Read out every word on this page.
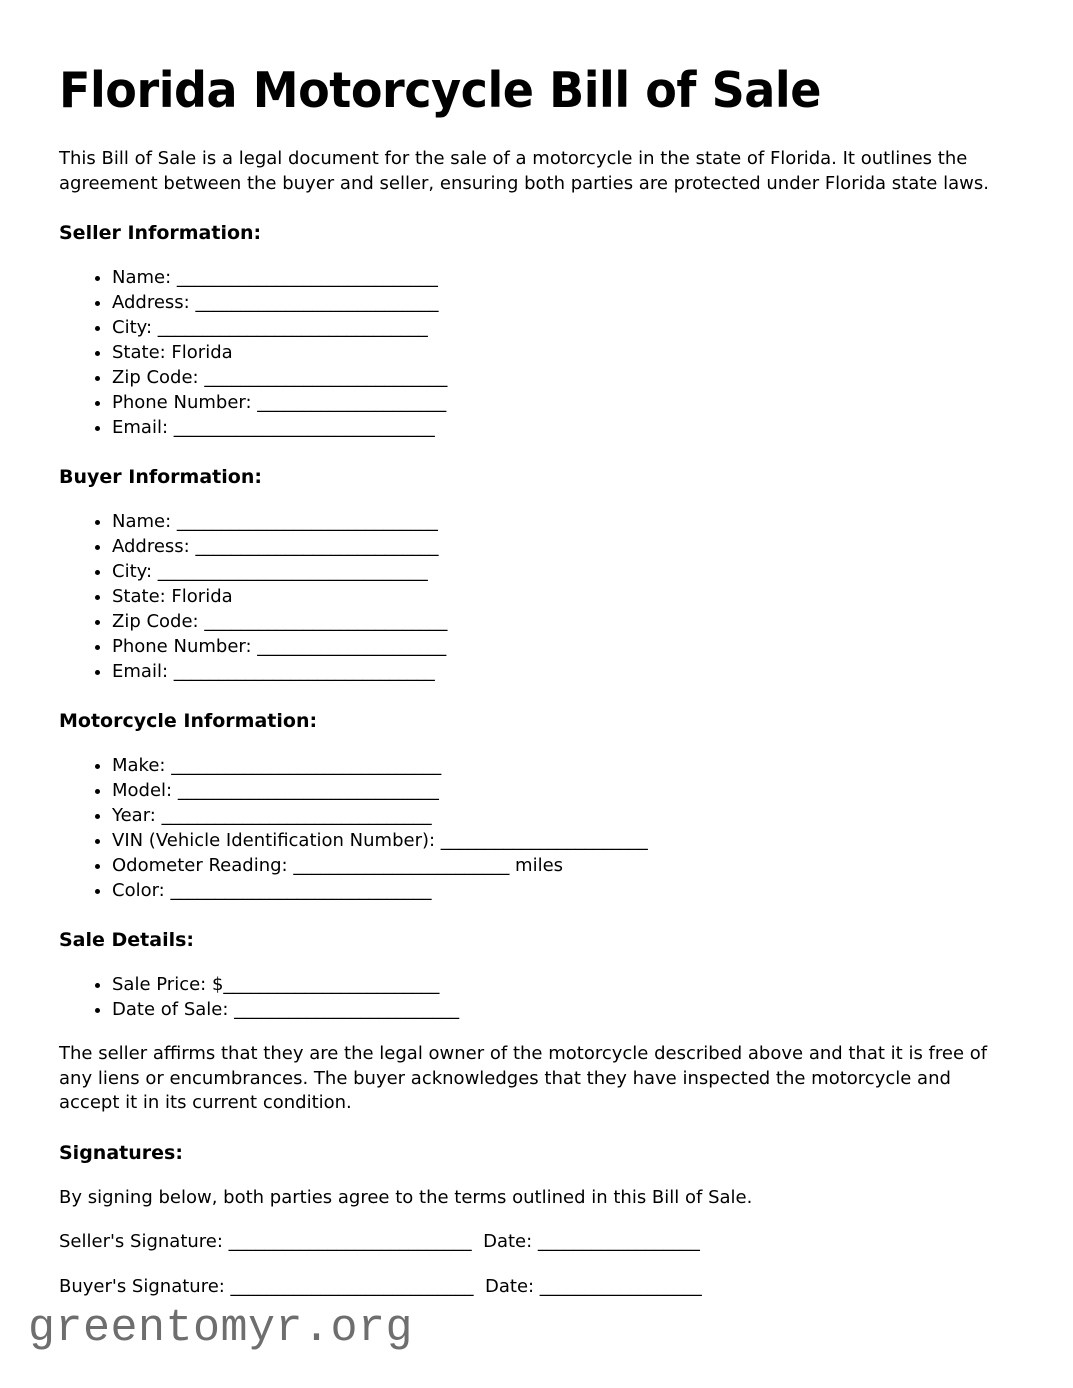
Florida Motorcycle Bill of Sale

This Bill of Sale is a legal document for the sale of a motorcycle in the state of Florida. It outlines the agreement between the buyer and seller, ensuring both parties are protected under Florida state laws.

Seller Information:
• Name: _____________________________
• Address: ___________________________
• City: ______________________________
• State: Florida
• Zip Code: ___________________________
• Phone Number: _____________________
• Email: _____________________________
Buyer Information:
• Name: _____________________________
• Address: ___________________________
• City: ______________________________
• State: Florida
• Zip Code: ___________________________
• Phone Number: _____________________
• Email: _____________________________
Motorcycle Information:
• Make: ______________________________
• Model: _____________________________
• Year: ______________________________
• VIN (Vehicle Identification Number): _______________________
• Odometer Reading: ________________________ miles
• Color: _____________________________
Sale Details:
• Sale Price: $________________________
• Date of Sale: _________________________

The seller affirms that they are the legal owner of the motorcycle described above and that it is free of any liens or encumbrances. The buyer acknowledges that they have inspected the motorcycle and accept it in its current condition.

Signatures:

By signing below, both parties agree to the terms outlined in this Bill of Sale.

Seller's Signature: ___________________________  Date: __________________

Buyer's Signature: ___________________________  Date: __________________

greentomyr.org
